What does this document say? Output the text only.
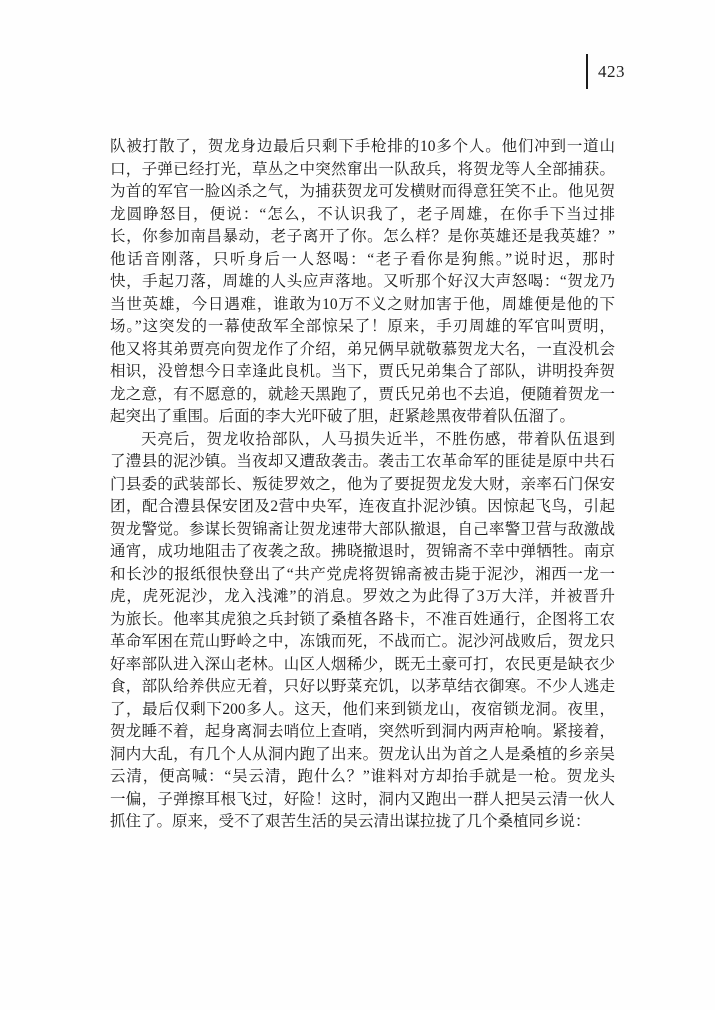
423
队被打散了，贺龙身边最后只剩下手枪排的10多个人。他们冲到一道山
口，子弹已经打光，草丛之中突然窜出一队敌兵，将贺龙等人全部捕获。
为首的军官一脸凶杀之气，为捕获贺龙可发横财而得意狂笑不止。他见贺
龙圆睁怒目，便说：“怎么，不认识我了，老子周雄，在你手下当过排
长，你参加南昌暴动，老子离开了你。怎么样？是你英雄还是我英雄？”
他话音刚落，只听身后一人怒喝：“老子看你是狗熊。”说时迟，那时
快，手起刀落，周雄的人头应声落地。又听那个好汉大声怒喝：“贺龙乃
当世英雄，今日遇难，谁敢为10万不义之财加害于他，周雄便是他的下
场。”这突发的一幕使敌军全部惊呆了！原来，手刃周雄的军官叫贾明，
他又将其弟贾亮向贺龙作了介绍，弟兄俩早就敬慕贺龙大名，一直没机会
相识，没曾想今日幸逢此良机。当下，贾氏兄弟集合了部队，讲明投奔贺
龙之意，有不愿意的，就趁天黑跑了，贾氏兄弟也不去追，便随着贺龙一
起突出了重围。后面的李大光吓破了胆，赶紧趁黑夜带着队伍溜了。
天亮后，贺龙收拾部队，人马损失近半，不胜伤感，带着队伍退到
了澧县的泥沙镇。当夜却又遭敌袭击。袭击工农革命军的匪徒是原中共石
门县委的武装部长、叛徒罗效之，他为了要捉贺龙发大财，亲率石门保安
团，配合澧县保安团及2营中央军，连夜直扑泥沙镇。因惊起飞鸟，引起
贺龙警觉。参谋长贺锦斋让贺龙速带大部队撤退，自己率警卫营与敌激战
通宵，成功地阻击了夜袭之敌。拂晓撤退时，贺锦斋不幸中弹牺牲。南京
和长沙的报纸很快登出了“共产党虎将贺锦斋被击毙于泥沙，湘西一龙一
虎，虎死泥沙，龙入浅滩”的消息。罗效之为此得了3万大洋，并被晋升
为旅长。他率其虎狼之兵封锁了桑植各路卡，不准百姓通行，企图将工农
革命军困在荒山野岭之中，冻饿而死，不战而亡。泥沙河战败后，贺龙只
好率部队进入深山老林。山区人烟稀少，既无土豪可打，农民更是缺衣少
食，部队给养供应无着，只好以野菜充饥，以茅草结衣御寒。不少人逃走
了，最后仅剩下200多人。这天，他们来到锁龙山，夜宿锁龙洞。夜里，
贺龙睡不着，起身离洞去哨位上查哨，突然听到洞内两声枪响。紧接着，
洞内大乱，有几个人从洞内跑了出来。贺龙认出为首之人是桑植的乡亲吴
云清，便高喊：“吴云清，跑什么？”谁料对方却抬手就是一枪。贺龙头
一偏，子弹擦耳根飞过，好险！这时，洞内又跑出一群人把吴云清一伙人
抓住了。原来，受不了艰苦生活的吴云清出谋拉拢了几个桑植同乡说：
